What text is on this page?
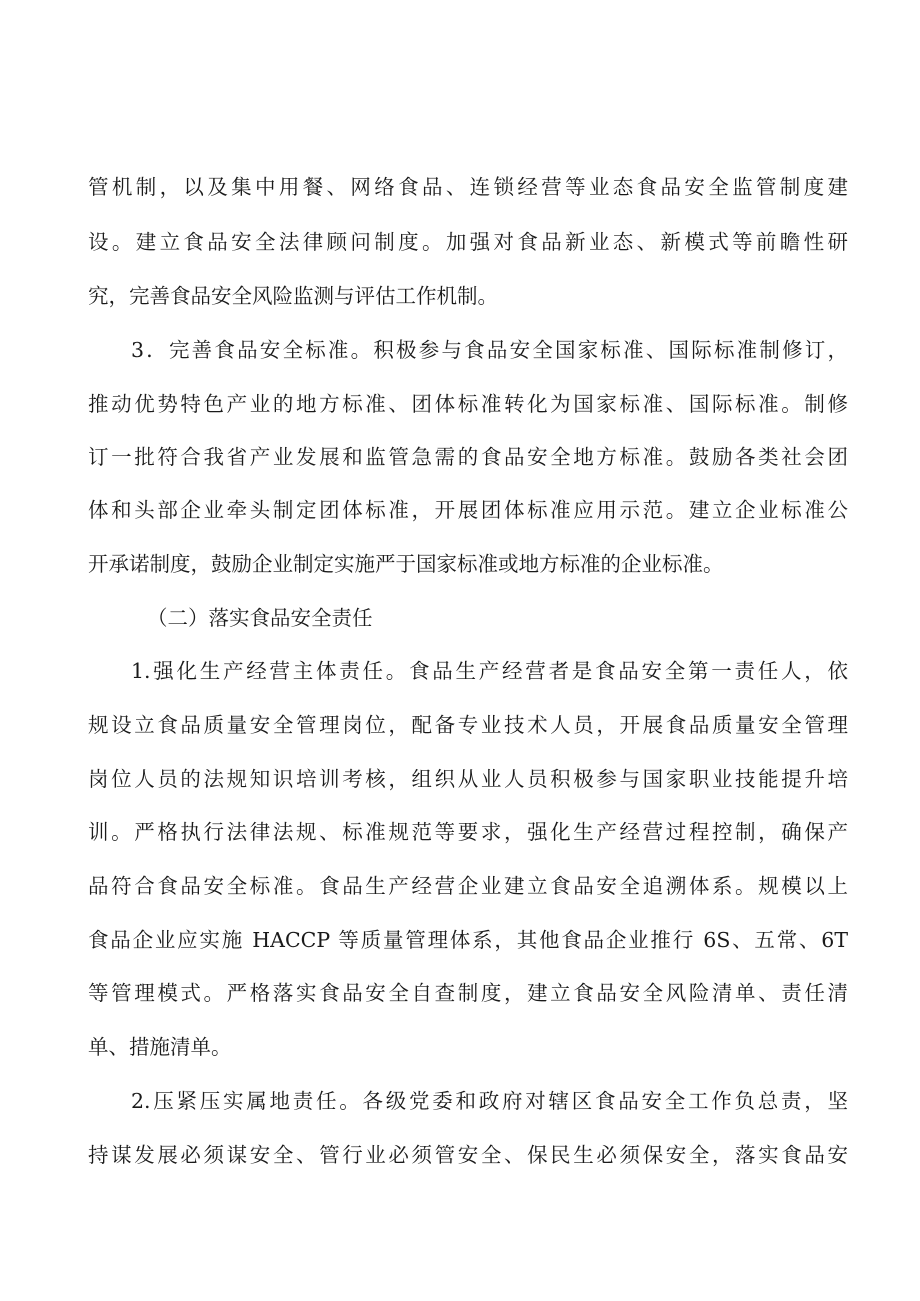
管机制，以及集中用餐、网络食品、连锁经营等业态食品安全监管制度建
设。建立食品安全法律顾问制度。加强对食品新业态、新模式等前瞻性研
究，完善食品安全风险监测与评估工作机制。
3．完善食品安全标准。积极参与食品安全国家标准、国际标准制修订，
推动优势特色产业的地方标准、团体标准转化为国家标准、国际标准。制修
订一批符合我省产业发展和监管急需的食品安全地方标准。鼓励各类社会团
体和头部企业牵头制定团体标准，开展团体标准应用示范。建立企业标准公
开承诺制度，鼓励企业制定实施严于国家标准或地方标准的企业标准。
（二）落实食品安全责任
1.强化生产经营主体责任。食品生产经营者是食品安全第一责任人，依
规设立食品质量安全管理岗位，配备专业技术人员，开展食品质量安全管理
岗位人员的法规知识培训考核，组织从业人员积极参与国家职业技能提升培
训。严格执行法律法规、标准规范等要求，强化生产经营过程控制，确保产
品符合食品安全标准。食品生产经营企业建立食品安全追溯体系。规模以上
食品企业应实施 HACCP 等质量管理体系，其他食品企业推行 6S、五常、6T
等管理模式。严格落实食品安全自查制度，建立食品安全风险清单、责任清
单、措施清单。
2.压紧压实属地责任。各级党委和政府对辖区食品安全工作负总责，坚
持谋发展必须谋安全、管行业必须管安全、保民生必须保安全，落实食品安
